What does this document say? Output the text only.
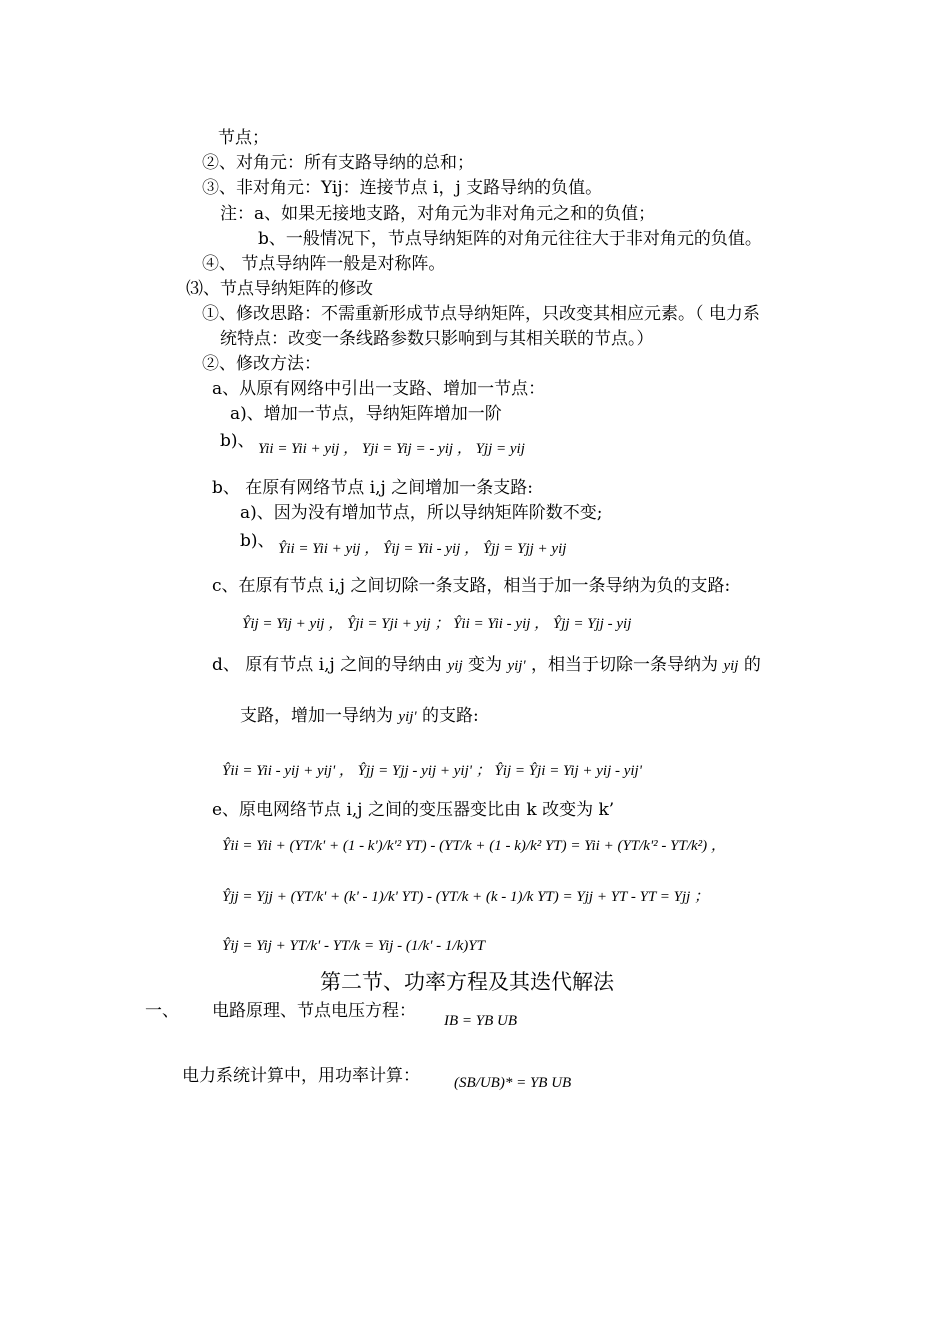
节点；
②、对角元：所有支路导纳的总和；
③、非对角元：Yij：连接节点 i，j 支路导纳的负值。
注：a、如果无接地支路，对角元为非对角元之和的负值；
b、一般情况下，节点导纳矩阵的对角元往往大于非对角元的负值。
④、 节点导纳阵一般是对称阵。
⑶、节点导纳矩阵的修改
①、修改思路：不需重新形成节点导纳矩阵，只改变其相应元素。（ 电力系
统特点：改变一条线路参数只影响到与其相关联的节点。）
②、修改方法：
a、从原有网络中引出一支路、增加一节点：
a)、增加一节点，导纳矩阵增加一阶
b)、 Yii = Yii + yij ， Yji = Yij = - yij ， Yjj = yij
b、 在原有网络节点 i,j 之间增加一条支路:
a)、因为没有增加节点，所以导纳矩阵阶数不变;
b)、 Ŷii = Yii + yij ， Ŷij = Yii - yij ， Ŷjj = Yjj + yij
c、在原有节点 i,j 之间切除一条支路，相当于加一条导纳为负的支路:
Ŷij = Yij + yij ， Ŷji = Yji + yij ； Ŷii = Yii - yij ， Ŷjj = Yjj - yij
d、 原有节点 i,j 之间的导纳由 yij 变为 yij' ，相当于切除一条导纳为 yij 的
支路，增加一导纳为 yij' 的支路:
Ŷii = Yii - yij + yij' ， Ŷjj = Yjj - yij + yij' ； Ŷij = Ŷji = Yij + yij - yij'
e、原电网络节点 i,j 之间的变压器变比由 k 改变为 k’
Ŷii = Yii + (YT/k' + (1 - k')/k'² YT) - (YT/k + (1 - k)/k² YT) = Yii + (YT/k'² - YT/k²) ，
Ŷjj = Yjj + (YT/k' + (k' - 1)/k' YT) - (YT/k + (k - 1)/k YT) = Yjj + YT - YT = Yjj ；
Ŷij = Yij + YT/k' - YT/k = Yij - (1/k' - 1/k)YT
第二节、功率方程及其迭代解法
一、 电路原理、节点电压方程： IB = YB UB
电力系统计算中，用功率计算： (SB/UB)* = YB UB
